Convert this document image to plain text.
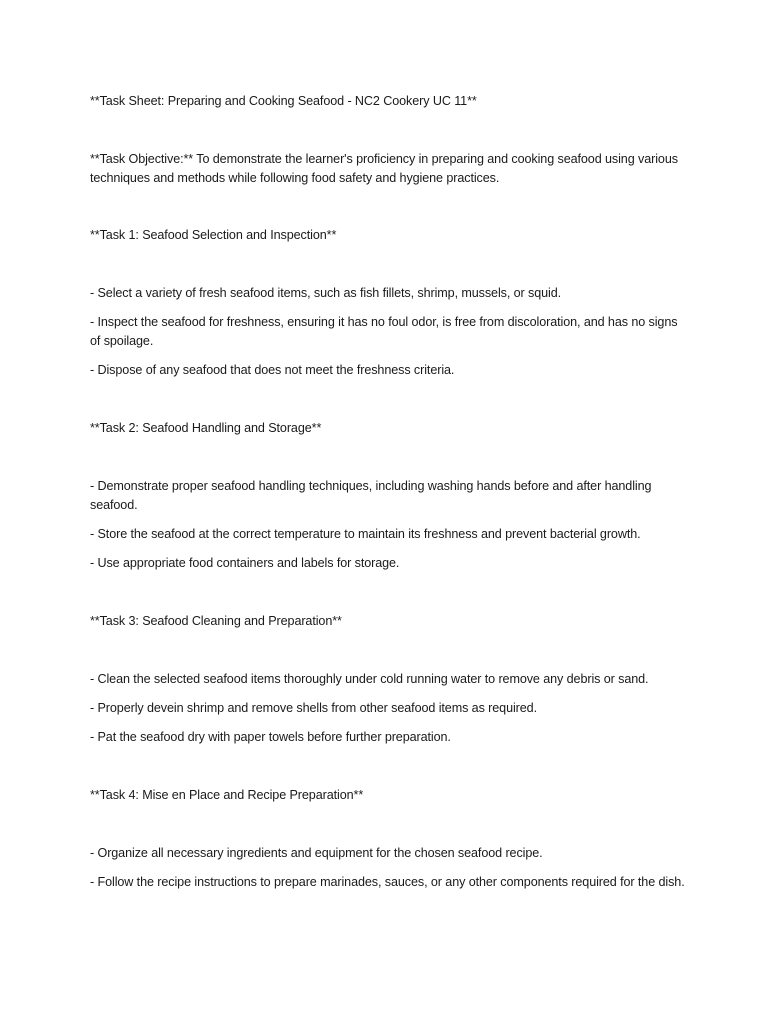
**Task Sheet: Preparing and Cooking Seafood - NC2 Cookery UC 11**

**Task Objective:** To demonstrate the learner's proficiency in preparing and cooking seafood using various techniques and methods while following food safety and hygiene practices.

**Task 1: Seafood Selection and Inspection**

- Select a variety of fresh seafood items, such as fish fillets, shrimp, mussels, or squid.

- Inspect the seafood for freshness, ensuring it has no foul odor, is free from discoloration, and has no signs of spoilage.

- Dispose of any seafood that does not meet the freshness criteria.

**Task 2: Seafood Handling and Storage**

- Demonstrate proper seafood handling techniques, including washing hands before and after handling seafood.

- Store the seafood at the correct temperature to maintain its freshness and prevent bacterial growth.

- Use appropriate food containers and labels for storage.

**Task 3: Seafood Cleaning and Preparation**

- Clean the selected seafood items thoroughly under cold running water to remove any debris or sand.

- Properly devein shrimp and remove shells from other seafood items as required.

- Pat the seafood dry with paper towels before further preparation.

**Task 4: Mise en Place and Recipe Preparation**

- Organize all necessary ingredients and equipment for the chosen seafood recipe.

- Follow the recipe instructions to prepare marinades, sauces, or any other components required for the dish.
